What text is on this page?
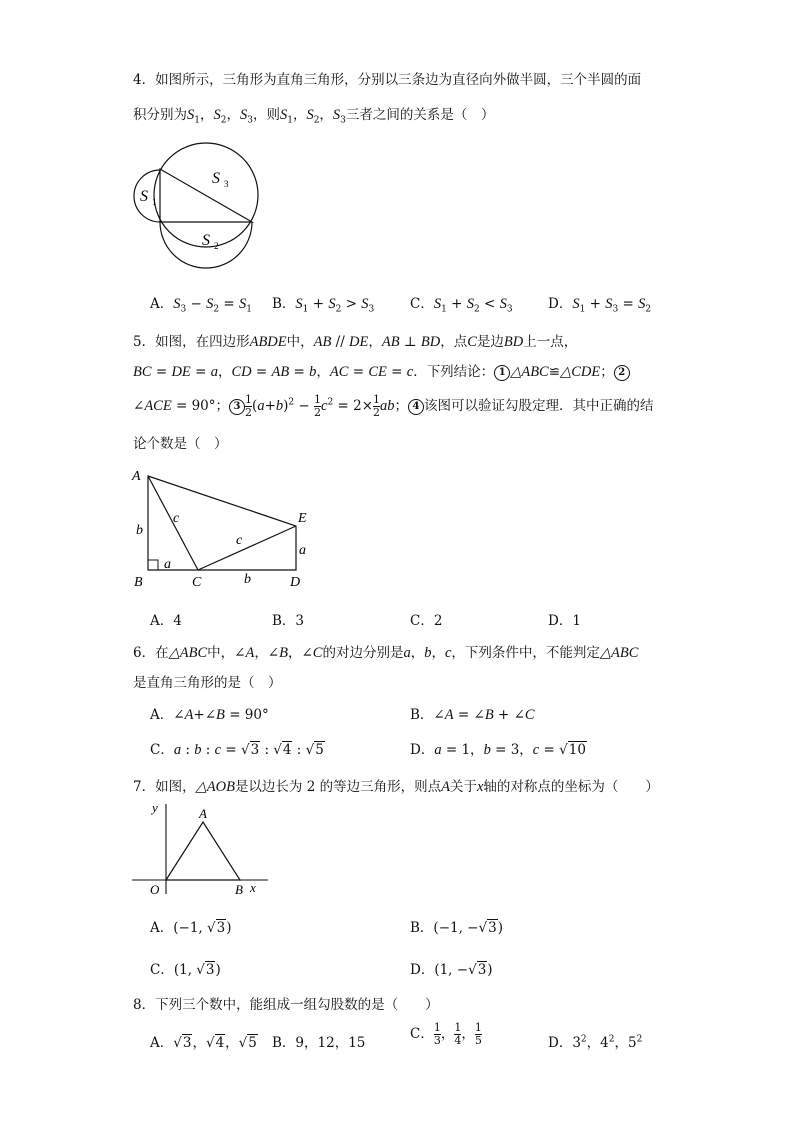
4．如图所示，三角形为直角三角形，分别以三条边为直径向外做半圆，三个半圆的面
积分别为$S_1$，$S_2$，$S_3$，则$S_1$，$S_2$，$S_3$三者之间的关系是（　）
S 1
S 3
S 2
A．$S_3 - S_2 = S_1$ B．$S_1 + S_2 > S_3$	C．$S_1 + S_2 < S_3$	D．$S_1 + S_3 = S_2$
5．如图，在四边形ABDE中，AB // DE，AB ⊥ BD，点C是边BD上一点，
BC = DE = a，CD = AB = b，AC = CE = c．下列结论： 1 △ABC≌△CDE； 2
∠ACE = 90°； $3 \frac{1}{2} (a+b)^2 - \frac{1}{2} c^2 = 2\times \frac{1}{2}$ ab； 4 该图可以验证勾股定理．其中正确的结
论个数是（　）
A
B	C	D
E
b
a
c
c
b
a
A．4	B．3	C．2	D．1
6．在△ABC中，∠A，∠B，∠C的对边分别是a，b，c，下列条件中，不能判定△ABC
是直角三角形的是（　）
A．∠A+∠B = 90°	B．∠A = ∠B + ∠C
C．a : b : c = √3 : √4 : √5	D．a = 1，b = 3，c = √10
7．如图，△AOB是以边长为 2 的等边三角形，则点A关于x轴的对称点的坐标为（　　）
y
x
A
O	B
A．(−1, √3)	B．(−1, −√3)
C．(1, √3)	D．(1, −√3)
8．下列三个数中，能组成一组勾股数的是（　　）
A．√3，√4，√5 B．9，12，15
C． $\frac{1}{3}$ ， $\frac{1}{4}$ ， $\frac{1}{5}$	D．$3^2$，$4^2$，$5^2$
